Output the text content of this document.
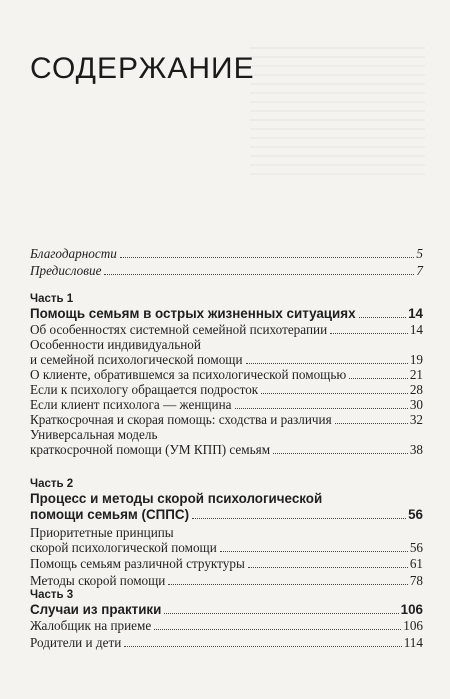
СОДЕРЖАНИЕ
Благодарности	5
Предисловие	7
Часть 1
Помощь семьям в острых жизненных ситуациях	14
Об особенностях системной семейной психотерапии	14
Особенности индивидуальной
и семейной психологической помощи	19
О клиенте, обратившемся за психологической помощью	21
Если к психологу обращается подросток	28
Если клиент психолога — женщина	30
Краткосрочная и скорая помощь: сходства и различия	32
Универсальная модель
краткосрочной помощи (УМ КПП) семьям	38
Часть 2
Процесс и методы скорой психологической
помощи семьям (СППС)	56
Приоритетные принципы
скорой психологической помощи	56
Помощь семьям различной структуры	61
Методы скорой помощи	78
Часть 3
Случаи из практики	106
Жалобщик на приеме	106
Родители и дети	114
